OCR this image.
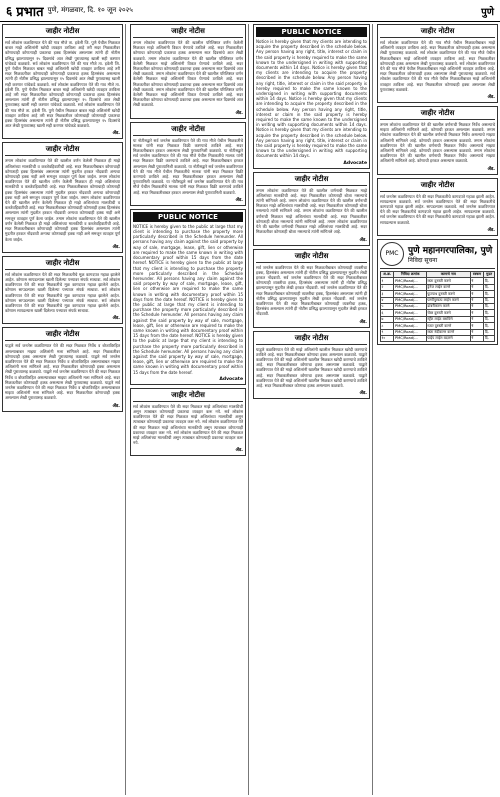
६ प्रभात पुणे, मंगळवार, दि. १० जून २०२५	पुणे
जाहीर नोटीस
सर्व लोकांस कळविण्यात येते की गाव मौजे ता. हवेली जि. पुणे येथील मिळकत बाबत माझे अशिलांनी खरेदी व्यवहार ठरविला आहे तरी सदर मिळकतीवर कोणाचाही कोणत्याही प्रकारचा हक्क हितसंबंध असल्यास त्यांनी ही नोटीस प्रसिद्ध झाल्यापासून १५ दिवसांचे आत लेखी पुराव्यासह खाली सही करणार यांचेकडे कळवावे. सर्व लोकांस कळविण्यात येते की गाव मौजे ता. हवेली जि. पुणे येथील मिळकत बाबत माझे अशिलांनी खरेदी व्यवहार ठरविला आहे तरी सदर मिळकतीवर कोणाचाही कोणत्याही प्रकारचा हक्क हितसंबंध असल्यास त्यांनी ही नोटीस प्रसिद्ध झाल्यापासून १५ दिवसांचे आत लेखी पुराव्यासह खाली सही करणार यांचेकडे कळवावे. सर्व लोकांस कळविण्यात येते की गाव मौजे ता. हवेली जि. पुणे येथील मिळकत बाबत माझे अशिलांनी खरेदी व्यवहार ठरविला आहे तरी सदर मिळकतीवर कोणाचाही कोणत्याही प्रकारचा हक्क हितसंबंध असल्यास त्यांनी ही नोटीस प्रसिद्ध झाल्यापासून १५ दिवसांचे आत लेखी पुराव्यासह खाली सही करणार यांचेकडे कळवावे. सर्व लोकांस कळविण्यात येते की गाव मौजे ता. हवेली जि. पुणे येथील मिळकत बाबत माझे अशिलांनी खरेदी व्यवहार ठरविला आहे तरी सदर मिळकतीवर कोणाचाही कोणत्याही प्रकारचा हक्क हितसंबंध असल्यास त्यांनी ही नोटीस प्रसिद्ध झाल्यापासून १५ दिवसांचे आत लेखी पुराव्यासह खाली सही करणार यांचेकडे कळवावे.
ॲड.
जाहीर नोटीस
तमाम लोकांना कळविण्यात येते की खालील वर्णन केलेली मिळकत ही माझे अशिलांच्या मालकीची व कब्जेवहिवाटीची आहे. सदर मिळकतीबाबत कोणाचाही कोणताही हक्क हितसंबंध असल्यास त्यांनी मुदतीत हरकत नोंदवावी अन्यथा कोणाचाही हक्क नाही असे समजून व्यवहार पूर्ण केला जाईल. तमाम लोकांना कळविण्यात येते की खालील वर्णन केलेली मिळकत ही माझे अशिलांच्या मालकीची व कब्जेवहिवाटीची आहे. सदर मिळकतीबाबत कोणाचाही कोणताही हक्क हितसंबंध असल्यास त्यांनी मुदतीत हरकत नोंदवावी अन्यथा कोणाचाही हक्क नाही असे समजून व्यवहार पूर्ण केला जाईल. तमाम लोकांना कळविण्यात येते की खालील वर्णन केलेली मिळकत ही माझे अशिलांच्या मालकीची व कब्जेवहिवाटीची आहे. सदर मिळकतीबाबत कोणाचाही कोणताही हक्क हितसंबंध असल्यास त्यांनी मुदतीत हरकत नोंदवावी अन्यथा कोणाचाही हक्क नाही असे समजून व्यवहार पूर्ण केला जाईल. तमाम लोकांना कळविण्यात येते की खालील वर्णन केलेली मिळकत ही माझे अशिलांच्या मालकीची व कब्जेवहिवाटीची आहे. सदर मिळकतीबाबत कोणाचाही कोणताही हक्क हितसंबंध असल्यास त्यांनी मुदतीत हरकत नोंदवावी अन्यथा कोणाचाही हक्क नाही असे समजून व्यवहार पूर्ण केला जाईल.
ॲड.
जाहीर नोटीस
सर्व लोकांस कळविण्यात येते की सदर मिळकतीचे मूळ कागदपत्र गहाळ झालेले आहेत. कोणास सापडल्यास खाली दिलेल्या पत्त्यावर संपर्क साधावा. सर्व लोकांस कळविण्यात येते की सदर मिळकतीचे मूळ कागदपत्र गहाळ झालेले आहेत. कोणास सापडल्यास खाली दिलेल्या पत्त्यावर संपर्क साधावा. सर्व लोकांस कळविण्यात येते की सदर मिळकतीचे मूळ कागदपत्र गहाळ झालेले आहेत. कोणास सापडल्यास खाली दिलेल्या पत्त्यावर संपर्क साधावा. सर्व लोकांस कळविण्यात येते की सदर मिळकतीचे मूळ कागदपत्र गहाळ झालेले आहेत. कोणास सापडल्यास खाली दिलेल्या पत्त्यावर संपर्क साधावा.
ॲड.
जाहीर नोटीस
याद्वारे सर्व जनतेस कळविण्यात येते की सदर मिळकत निर्वेध व बोजाविरहित असल्याबाबत माझ्या अशिलांनी मला सांगितले आहे. सदर मिळकतीवर कोणाचाही हक्क असल्यास लेखी पुराव्यासह कळवावे. याद्वारे सर्व जनतेस कळविण्यात येते की सदर मिळकत निर्वेध व बोजाविरहित असल्याबाबत माझ्या अशिलांनी मला सांगितले आहे. सदर मिळकतीवर कोणाचाही हक्क असल्यास लेखी पुराव्यासह कळवावे. याद्वारे सर्व जनतेस कळविण्यात येते की सदर मिळकत निर्वेध व बोजाविरहित असल्याबाबत माझ्या अशिलांनी मला सांगितले आहे. सदर मिळकतीवर कोणाचाही हक्क असल्यास लेखी पुराव्यासह कळवावे. याद्वारे सर्व जनतेस कळविण्यात येते की सदर मिळकत निर्वेध व बोजाविरहित असल्याबाबत माझ्या अशिलांनी मला सांगितले आहे. सदर मिळकतीवर कोणाचाही हक्क असल्यास लेखी पुराव्यासह कळवावे.
ॲड.
जाहीर नोटीस
तमाम लोकांना कळविण्यात येते की खालील परिशिष्टात वर्णन केलेली मिळकत माझे अशिलांनी विकत घेण्याचे ठरविले आहे. सदर मिळकतीवर कोणाचा कोणत्याही प्रकारचा हक्क असल्यास सात दिवसांचे आत लेखी कळवावे. तमाम लोकांना कळविण्यात येते की खालील परिशिष्टात वर्णन केलेली मिळकत माझे अशिलांनी विकत घेण्याचे ठरविले आहे. सदर मिळकतीवर कोणाचा कोणत्याही प्रकारचा हक्क असल्यास सात दिवसांचे आत लेखी कळवावे. तमाम लोकांना कळविण्यात येते की खालील परिशिष्टात वर्णन केलेली मिळकत माझे अशिलांनी विकत घेण्याचे ठरविले आहे. सदर मिळकतीवर कोणाचा कोणत्याही प्रकारचा हक्क असल्यास सात दिवसांचे आत लेखी कळवावे. तमाम लोकांना कळविण्यात येते की खालील परिशिष्टात वर्णन केलेली मिळकत माझे अशिलांनी विकत घेण्याचे ठरविले आहे. सदर मिळकतीवर कोणाचा कोणत्याही प्रकारचा हक्क असल्यास सात दिवसांचे आत लेखी कळवावे.
ॲड.
जाहीर नोटीस
या नोटीसद्वारे सर्व जनतेस कळविण्यात येते की गाव मौजे येथील मिळकतीचे मालक यांनी सदर मिळकत विक्री करण्याचे ठरविले आहे. सदर मिळकतीबाबत हरकत असल्यास लेखी पुराव्यानिशी कळवावे. या नोटीसद्वारे सर्व जनतेस कळविण्यात येते की गाव मौजे येथील मिळकतीचे मालक यांनी सदर मिळकत विक्री करण्याचे ठरविले आहे. सदर मिळकतीबाबत हरकत असल्यास लेखी पुराव्यानिशी कळवावे. या नोटीसद्वारे सर्व जनतेस कळविण्यात येते की गाव मौजे येथील मिळकतीचे मालक यांनी सदर मिळकत विक्री करण्याचे ठरविले आहे. सदर मिळकतीबाबत हरकत असल्यास लेखी पुराव्यानिशी कळवावे. या नोटीसद्वारे सर्व जनतेस कळविण्यात येते की गाव मौजे येथील मिळकतीचे मालक यांनी सदर मिळकत विक्री करण्याचे ठरविले आहे. सदर मिळकतीबाबत हरकत असल्यास लेखी पुराव्यानिशी कळवावे.
ॲड.
PUBLIC NOTICE
NOTICE is hereby given to the public at large that my client is intending to purchase the property more particularly described in the Schedule hereunder. All persons having any claim against the said property by way of sale, mortgage, lease, gift, lien or otherwise are required to make the same known in writing with documentary proof within 15 days from the date hereof. NOTICE is hereby given to the public at large that my client is intending to purchase the property more particularly described in the Schedule hereunder. All persons having any claim against the said property by way of sale, mortgage, lease, gift, lien or otherwise are required to make the same known in writing with documentary proof within 15 days from the date hereof. NOTICE is hereby given to the public at large that my client is intending to purchase the property more particularly described in the Schedule hereunder. All persons having any claim against the said property by way of sale, mortgage, lease, gift, lien or otherwise are required to make the same known in writing with documentary proof within 15 days from the date hereof. NOTICE is hereby given to the public at large that my client is intending to purchase the property more particularly described in the Schedule hereunder. All persons having any claim against the said property by way of sale, mortgage, lease, gift, lien or otherwise are required to make the same known in writing with documentary proof within 15 days from the date hereof.
Advocate
जाहीर नोटीस
सर्व लोकांस कळविण्यात येते की सदर मिळकत माझे अशिलांच्या मालकीची असून त्याबाबत कोणत्याही प्रकारचा व्यवहार करू नये. सर्व लोकांस कळविण्यात येते की सदर मिळकत माझे अशिलांच्या मालकीची असून त्याबाबत कोणत्याही प्रकारचा व्यवहार करू नये. सर्व लोकांस कळविण्यात येते की सदर मिळकत माझे अशिलांच्या मालकीची असून त्याबाबत कोणत्याही प्रकारचा व्यवहार करू नये. सर्व लोकांस कळविण्यात येते की सदर मिळकत माझे अशिलांच्या मालकीची असून त्याबाबत कोणत्याही प्रकारचा व्यवहार करू नये.
ॲड.
PUBLIC NOTICE
Notice is hereby given that my clients are intending to acquire the property described in the schedule below. Any person having any right, title, interest or claim in the said property is hereby required to make the same known to the undersigned in writing with supporting documents within 14 days. Notice is hereby given that my clients are intending to acquire the property described in the schedule below. Any person having any right, title, interest or claim in the said property is hereby required to make the same known to the undersigned in writing with supporting documents within 14 days. Notice is hereby given that my clients are intending to acquire the property described in the schedule below. Any person having any right, title, interest or claim in the said property is hereby required to make the same known to the undersigned in writing with supporting documents within 14 days. Notice is hereby given that my clients are intending to acquire the property described in the schedule below. Any person having any right, title, interest or claim in the said property is hereby required to make the same known to the undersigned in writing with supporting documents within 14 days.
Advocate
जाहीर नोटीस
तमाम लोकांना कळविण्यात येते की खालील वर्णनाची मिळकत माझे अशिलांच्या मालकीची आहे. सदर मिळकतीवर कोणताही बोजा नसल्याचे त्यांनी सांगितले आहे. तमाम लोकांना कळविण्यात येते की खालील वर्णनाची मिळकत माझे अशिलांच्या मालकीची आहे. सदर मिळकतीवर कोणताही बोजा नसल्याचे त्यांनी सांगितले आहे. तमाम लोकांना कळविण्यात येते की खालील वर्णनाची मिळकत माझे अशिलांच्या मालकीची आहे. सदर मिळकतीवर कोणताही बोजा नसल्याचे त्यांनी सांगितले आहे. तमाम लोकांना कळविण्यात येते की खालील वर्णनाची मिळकत माझे अशिलांच्या मालकीची आहे. सदर मिळकतीवर कोणताही बोजा नसल्याचे त्यांनी सांगितले आहे.
ॲड.
जाहीर नोटीस
सर्व जनतेस कळविण्यात येते की सदर मिळकतीबाबत कोणत्याही व्यक्तीचा हक्क, हितसंबंध असल्यास त्यांनी ही नोटीस प्रसिद्ध झाल्यापासून मुदतीत लेखी हरकत नोंदवावी. सर्व जनतेस कळविण्यात येते की सदर मिळकतीबाबत कोणत्याही व्यक्तीचा हक्क, हितसंबंध असल्यास त्यांनी ही नोटीस प्रसिद्ध झाल्यापासून मुदतीत लेखी हरकत नोंदवावी. सर्व जनतेस कळविण्यात येते की सदर मिळकतीबाबत कोणत्याही व्यक्तीचा हक्क, हितसंबंध असल्यास त्यांनी ही नोटीस प्रसिद्ध झाल्यापासून मुदतीत लेखी हरकत नोंदवावी. सर्व जनतेस कळविण्यात येते की सदर मिळकतीबाबत कोणत्याही व्यक्तीचा हक्क, हितसंबंध असल्यास त्यांनी ही नोटीस प्रसिद्ध झाल्यापासून मुदतीत लेखी हरकत नोंदवावी.
ॲड.
जाहीर नोटीस
याद्वारे कळविण्यात येते की माझे अशिलांनी खालील मिळकत खरेदी करण्याचे ठरविले आहे. सदर मिळकतीबाबत कोणाचा हक्क असल्यास कळवावे. याद्वारे कळविण्यात येते की माझे अशिलांनी खालील मिळकत खरेदी करण्याचे ठरविले आहे. सदर मिळकतीबाबत कोणाचा हक्क असल्यास कळवावे. याद्वारे कळविण्यात येते की माझे अशिलांनी खालील मिळकत खरेदी करण्याचे ठरविले आहे. सदर मिळकतीबाबत कोणाचा हक्क असल्यास कळवावे. याद्वारे कळविण्यात येते की माझे अशिलांनी खालील मिळकत खरेदी करण्याचे ठरविले आहे. सदर मिळकतीबाबत कोणाचा हक्क असल्यास कळवावे.
ॲड.
जाहीर नोटीस
सर्व लोकांस कळविण्यात येते की गाव मौजे येथील मिळकतीबाबत माझे अशिलांनी व्यवहार ठरविला आहे. सदर मिळकतीवर कोणाचाही हक्क असल्यास लेखी पुराव्यासह कळवावे. सर्व लोकांस कळविण्यात येते की गाव मौजे येथील मिळकतीबाबत माझे अशिलांनी व्यवहार ठरविला आहे. सदर मिळकतीवर कोणाचाही हक्क असल्यास लेखी पुराव्यासह कळवावे. सर्व लोकांस कळविण्यात येते की गाव मौजे येथील मिळकतीबाबत माझे अशिलांनी व्यवहार ठरविला आहे. सदर मिळकतीवर कोणाचाही हक्क असल्यास लेखी पुराव्यासह कळवावे. सर्व लोकांस कळविण्यात येते की गाव मौजे येथील मिळकतीबाबत माझे अशिलांनी व्यवहार ठरविला आहे. सदर मिळकतीवर कोणाचाही हक्क असल्यास लेखी पुराव्यासह कळवावे.
ॲड.
जाहीर नोटीस
तमाम लोकांना कळविण्यात येते की खालील वर्णनाची मिळकत निर्वेध असल्याचे माझ्या अशिलांनी सांगितले आहे. कोणाची हरकत असल्यास कळवावे. तमाम लोकांना कळविण्यात येते की खालील वर्णनाची मिळकत निर्वेध असल्याचे माझ्या अशिलांनी सांगितले आहे. कोणाची हरकत असल्यास कळवावे. तमाम लोकांना कळविण्यात येते की खालील वर्णनाची मिळकत निर्वेध असल्याचे माझ्या अशिलांनी सांगितले आहे. कोणाची हरकत असल्यास कळवावे. तमाम लोकांना कळविण्यात येते की खालील वर्णनाची मिळकत निर्वेध असल्याचे माझ्या अशिलांनी सांगितले आहे. कोणाची हरकत असल्यास कळवावे.
ॲड.
जाहीर नोटीस
सर्व जनतेस कळविण्यात येते की सदर मिळकतीचे कागदपत्रे गहाळ झाली आहेत. सापडल्यास कळवावे. सर्व जनतेस कळविण्यात येते की सदर मिळकतीचे कागदपत्रे गहाळ झाली आहेत. सापडल्यास कळवावे. सर्व जनतेस कळविण्यात येते की सदर मिळकतीचे कागदपत्रे गहाळ झाली आहेत. सापडल्यास कळवावे. सर्व जनतेस कळविण्यात येते की सदर मिळकतीचे कागदपत्रे गहाळ झाली आहेत. सापडल्यास कळवावे.
ॲड.
PMC	पुणे महानगरपालिका, पुणे
निविदा सूचना
अ.क्र.	निविदा क्रमांक	कामाचे नाव	रक्कम	मुदत
१	PMC/Road/...	रस्ता दुरुस्ती करणे	₹	दि.
२	PMC/Road/...	ड्रेनेज लाईन करणे	₹	दि.
३	PMC/Road/...	फुटपाथ दुरुस्ती करणे	₹	दि.
४	PMC/Road/...	पाणीपुरवठा लाईन करणे	₹	दि.
५	PMC/Road/...	डांबरीकरण करणे	₹	दि.
६	PMC/Road/...	चेंबर दुरुस्ती करणे	₹	दि.
७	PMC/Road/...	स्ट्रीट लाईट बसविणे	₹	दि.
८	PMC/Road/...	गटार दुरुस्ती करणे	₹	दि.
९	PMC/Road/...	रस्ता रुंदीकरण करणे	₹	दि.
१०	PMC/Road/...	पाईप लाईन बदलणे	₹	दि.
